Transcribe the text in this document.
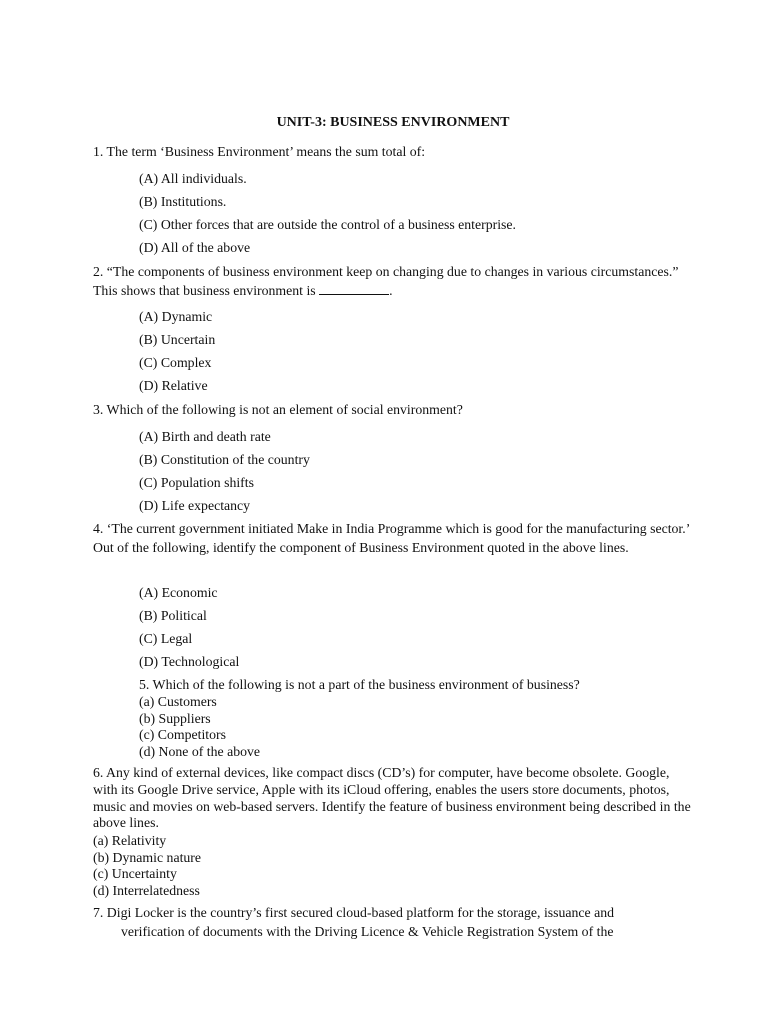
UNIT-3: BUSINESS ENVIRONMENT
1. The term ‘Business Environment’ means the sum total of:
(A) All individuals.
(B) Institutions.
(C) Other forces that are outside the control of a business enterprise.
(D) All of the above
2. “The components of business environment keep on changing due to changes in various circumstances.” This shows that business environment is	.
(A) Dynamic
(B) Uncertain
(C) Complex
(D) Relative
3. Which of the following is not an element of social environment?
(A) Birth and death rate
(B) Constitution of the country
(C) Population shifts
(D) Life expectancy
4. ‘The current government initiated Make in India Programme which is good for the manufacturing sector.’ Out of the following, identify the component of Business Environment quoted in the above lines.
(A) Economic
(B) Political
(C) Legal
(D) Technological
5. Which of the following is not a part of the business environment of business?
(a) Customers
(b) Suppliers
(c) Competitors
(d) None of the above
6. Any kind of external devices, like compact discs (CD’s) for computer, have become obsolete. Google, with its Google Drive service, Apple with its iCloud offering, enables the users store documents, photos, music and movies on web-based servers. Identify the feature of business environment being described in the above lines.
(a) Relativity
(b) Dynamic nature
(c) Uncertainty
(d) Interrelatedness
7. Digi Locker is the country’s first secured cloud-based platform for the storage, issuance and
verification of documents with the Driving Licence & Vehicle Registration System of the
